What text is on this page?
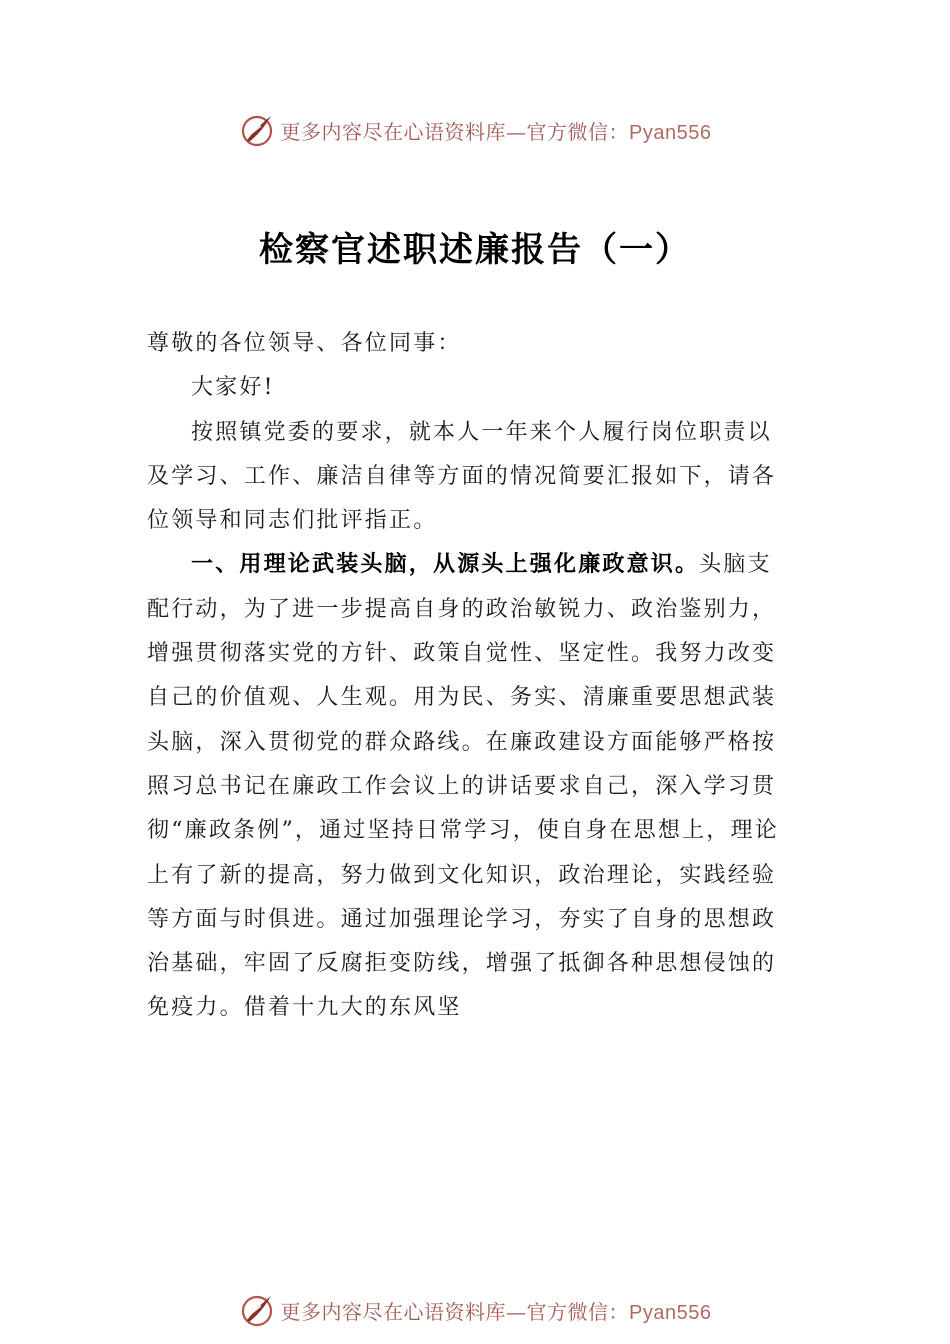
更多内容尽在心语资料库—官方微信：Pyan556
检察官述职述廉报告（一）

尊敬的各位领导、各位同事：

大家好!

按照镇党委的要求，就本人一年来个人履行岗位职责以及学习、工作、廉洁自律等方面的情况简要汇报如下，请各位领导和同志们批评指正。

一、用理论武装头脑，从源头上强化廉政意识。头脑支配行动，为了进一步提高自身的政治敏锐力、政治鉴别力，增强贯彻落实党的方针、政策自觉性、坚定性。我努力改变自己的价值观、人生观。用为民、务实、清廉重要思想武装头脑，深入贯彻党的群众路线。在廉政建设方面能够严格按照习总书记在廉政工作会议上的讲话要求自己，深入学习贯彻“廉政条例”，通过坚持日常学习，使自身在思想上，理论上有了新的提高，努力做到文化知识，政治理论，实践经验等方面与时俱进。通过加强理论学习，夯实了自身的思想政治基础，牢固了反腐拒变防线，增强了抵御各种思想侵蚀的免疫力。借着十九大的东风坚

更多内容尽在心语资料库—官方微信：Pyan556
